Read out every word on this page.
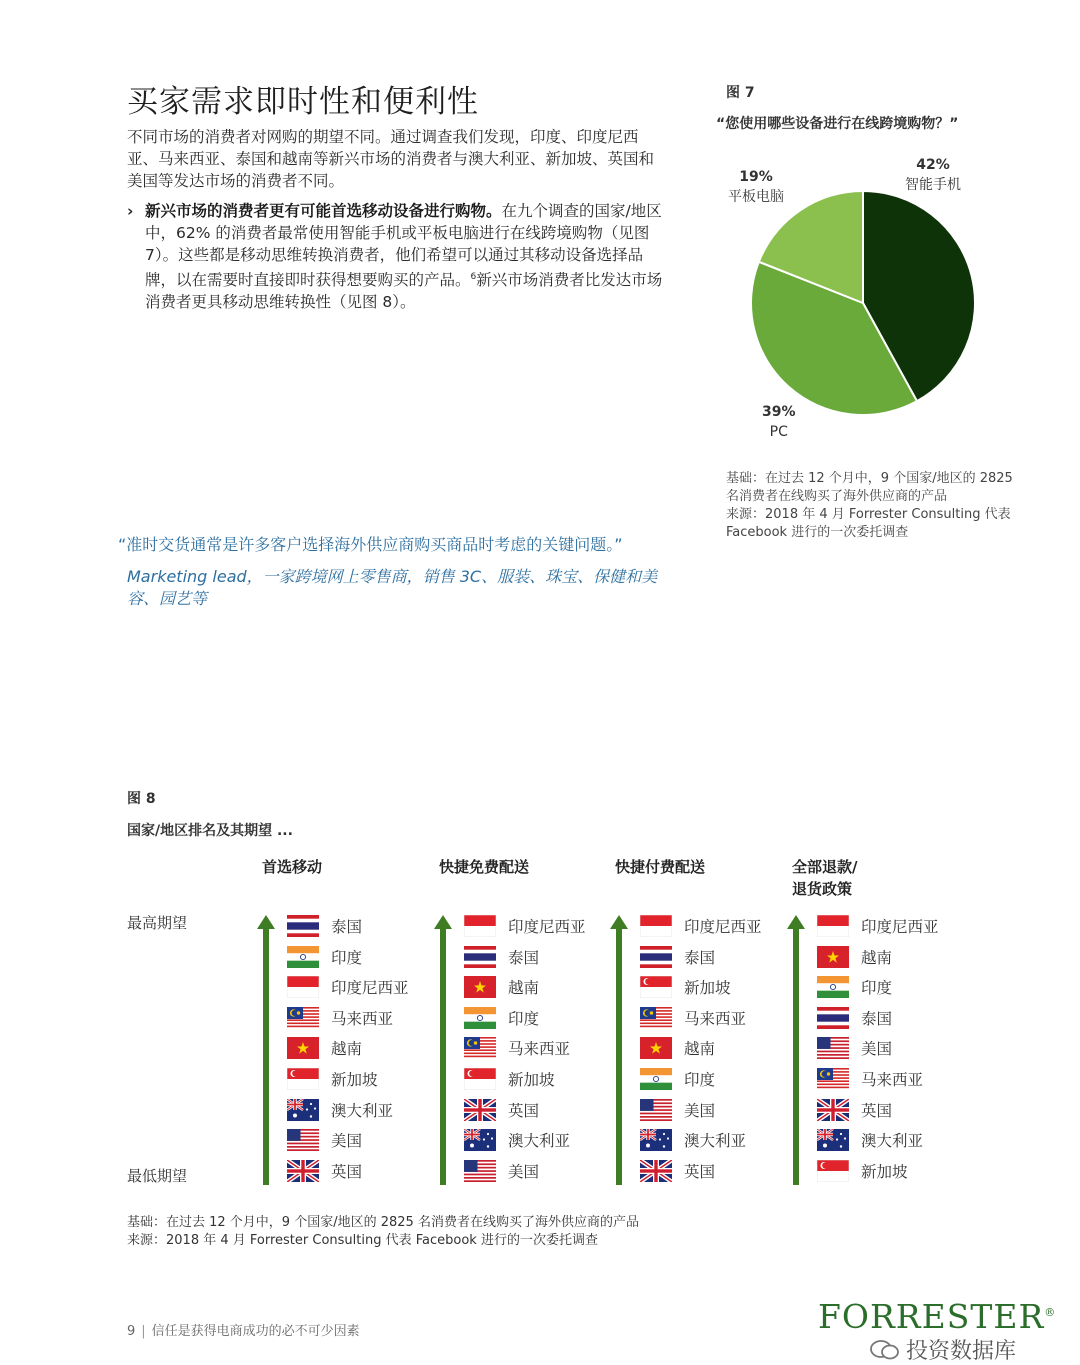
买家需求即时性和便利性
不同市场的消费者对网购的期望不同。通过调查我们发现，印度、印度尼西亚、马来西亚、泰国和越南等新兴市场的消费者与澳大利亚、新加坡、英国和美国等发达市场的消费者不同。
› 新兴市场的消费者更有可能首选移动设备进行购物。在九个调查的国家/地区中，62% 的消费者最常使用智能手机或平板电脑进行在线跨境购物（见图 7）。这些都是移动思维转换消费者，他们希望可以通过其移动设备选择品牌，以在需要时直接即时获得想要购买的产品。$^6$新兴市场消费者比发达市场消费者更具移动思维转换性（见图 8）。
“准时交货通常是许多客户选择海外供应商购买商品时考虑的关键问题。”
Marketing lead，一家跨境网上零售商，销售 3C、服装、珠宝、保健和美容、园艺等
图 7
“您使用哪些设备进行在线跨境购物？”
42%
智能手机
19%
平板电脑
39%
PC
基础：在过去 12 个月中，9 个国家/地区的 2825 名消费者在线购买了海外供应商的产品
来源：2018 年 4 月 Forrester Consulting 代表 Facebook 进行的一次委托调查
图 8
国家/地区排名及其期望 ...
最高期望
最低期望
首选移动
泰国
印度
印度尼西亚
马来西亚
越南
新加坡
澳大利亚
美国
英国
快捷免费配送
印度尼西亚
泰国
越南
印度
马来西亚
新加坡
英国
澳大利亚
美国
快捷付费配送
印度尼西亚
泰国
新加坡
马来西亚
越南
印度
美国
澳大利亚
英国
全部退款/
退货政策
印度尼西亚
越南
印度
泰国
美国
马来西亚
英国
澳大利亚
新加坡
基础：在过去 12 个月中，9 个国家/地区的 2825 名消费者在线购买了海外供应商的产品
来源：2018 年 4 月 Forrester Consulting 代表 Facebook 进行的一次委托调查
9 | 信任是获得电商成功的必不可少因素	FORRESTER®
投资数据库
